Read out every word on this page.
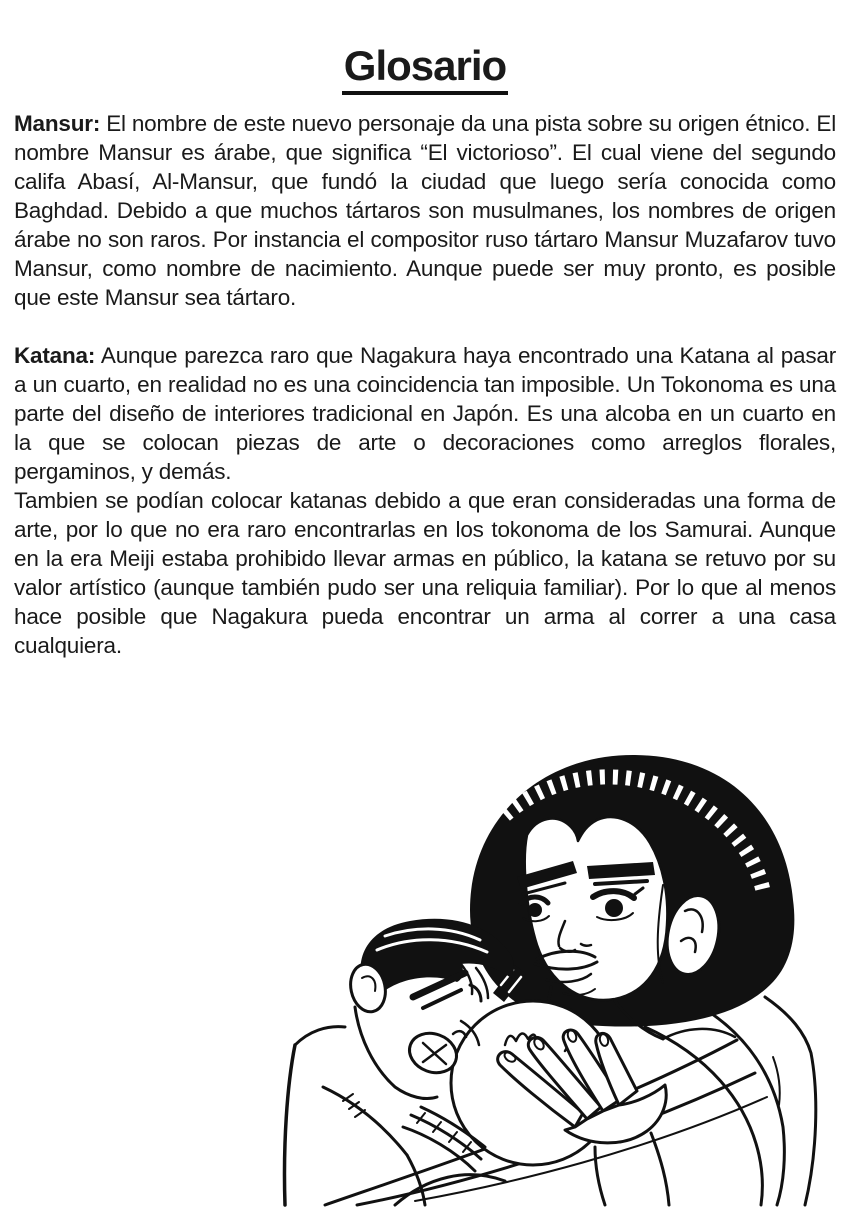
Glosario

Mansur: El nombre de este nuevo personaje da una pista sobre su origen étnico. El nombre Mansur es árabe, que significa “El victorioso”. El cual viene del segundo califa Abasí, Al-Mansur, que fundó la ciudad que luego sería conocida como Baghdad. Debido a que muchos tártaros son musulmanes, los nombres de origen árabe no son raros. Por instancia el compositor ruso tártaro Mansur Muzafarov tuvo Mansur, como nombre de nacimiento. Aunque puede ser muy pronto, es posible que este Mansur sea tártaro.

Katana: Aunque parezca raro que Nagakura haya encontrado una Katana al pasar a un cuarto, en realidad no es una coincidencia tan imposible. Un Tokonoma es una parte del diseño de interiores tradicional en Japón. Es una alcoba en un cuarto en la que se colocan piezas de arte o decoraciones como arreglos florales, pergaminos, y demás.
Tambien se podían colocar katanas debido a que eran consideradas una forma de arte, por lo que no era raro encontrarlas en los tokonoma de los Samurai. Aunque en la era Meiji estaba prohibido llevar armas en público, la katana se retuvo por su valor artístico (aunque también pudo ser una reliquia familiar). Por lo que al menos hace posible que Nagakura pueda encontrar un arma al correr a una casa cualquiera.
